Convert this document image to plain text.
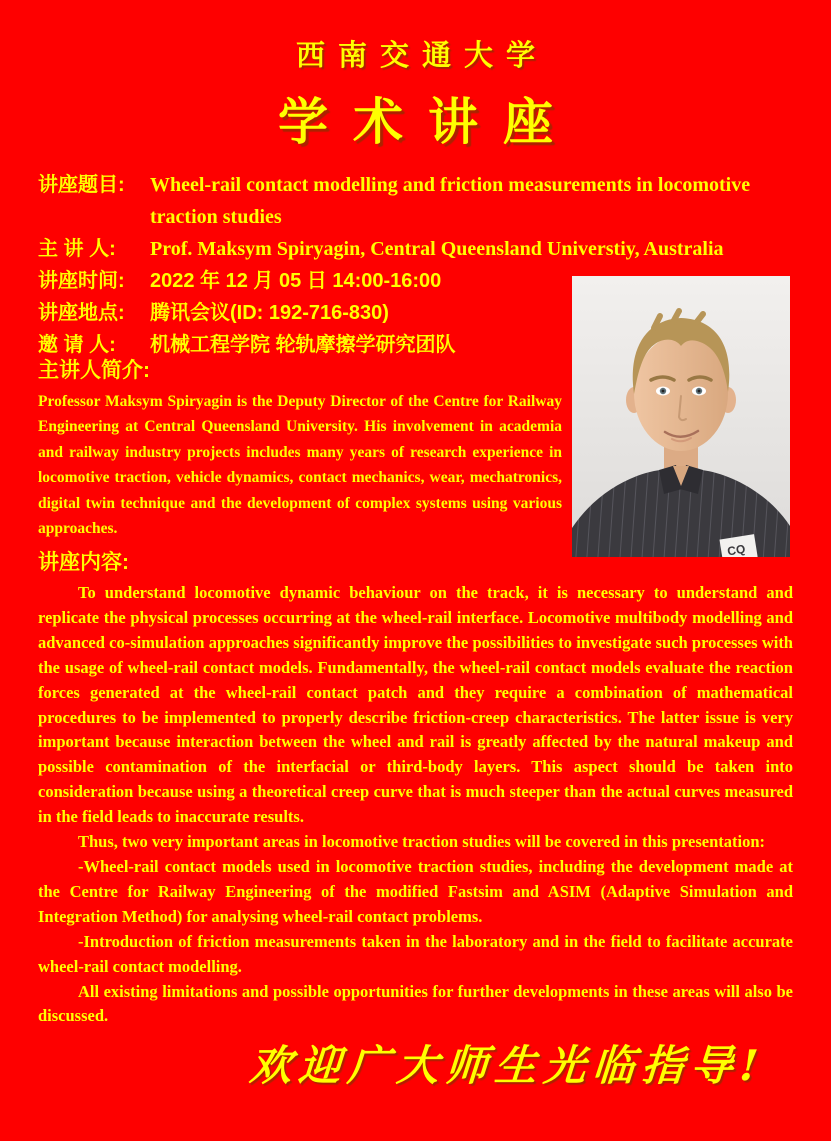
西南交通大学
学术讲座
讲座题目:	Wheel-rail contact modelling and friction measurements in locomotive traction studies
主 讲 人:	Prof. Maksym Spiryagin, Central Queensland Universtiy, Australia
讲座时间:	2022 年 12 月 05 日 14:00-16:00
讲座地点:	腾讯会议(ID: 192-716-830)
邀 请 人:	机械工程学院 轮轨摩擦学研究团队
主讲人简介:
Professor Maksym Spiryagin is the Deputy Director of the Centre for Railway Engineering at Central Queensland University. His involvement in academia and railway industry projects includes many years of research experience in locomotive traction, vehicle dynamics, contact mechanics, wear, mechatronics, digital twin technique and the development of complex systems using various approaches.
CQ
讲座内容:

To understand locomotive dynamic behaviour on the track, it is necessary to understand and replicate the physical processes occurring at the wheel-rail interface. Locomotive multibody modelling and advanced co-simulation approaches significantly improve the possibilities to investigate such processes with the usage of wheel-rail contact models. Fundamentally, the wheel-rail contact models evaluate the reaction forces generated at the wheel-rail contact patch and they require a combination of mathematical procedures to be implemented to properly describe friction-creep characteristics. The latter issue is very important because interaction between the wheel and rail is greatly affected by the natural makeup and possible contamination of the interfacial or third-body layers. This aspect should be taken into consideration because using a theoretical creep curve that is much steeper than the actual curves measured in the field leads to inaccurate results.

Thus, two very important areas in locomotive traction studies will be covered in this presentation:

-Wheel-rail contact models used in locomotive traction studies, including the development made at the Centre for Railway Engineering of the modified Fastsim and ASIM (Adaptive Simulation and Integration Method) for analysing wheel-rail contact problems.

-Introduction of friction measurements taken in the laboratory and in the field to facilitate accurate wheel-rail contact modelling.

All existing limitations and possible opportunities for further developments in these areas will also be discussed.

欢迎广大师生光临指导!
